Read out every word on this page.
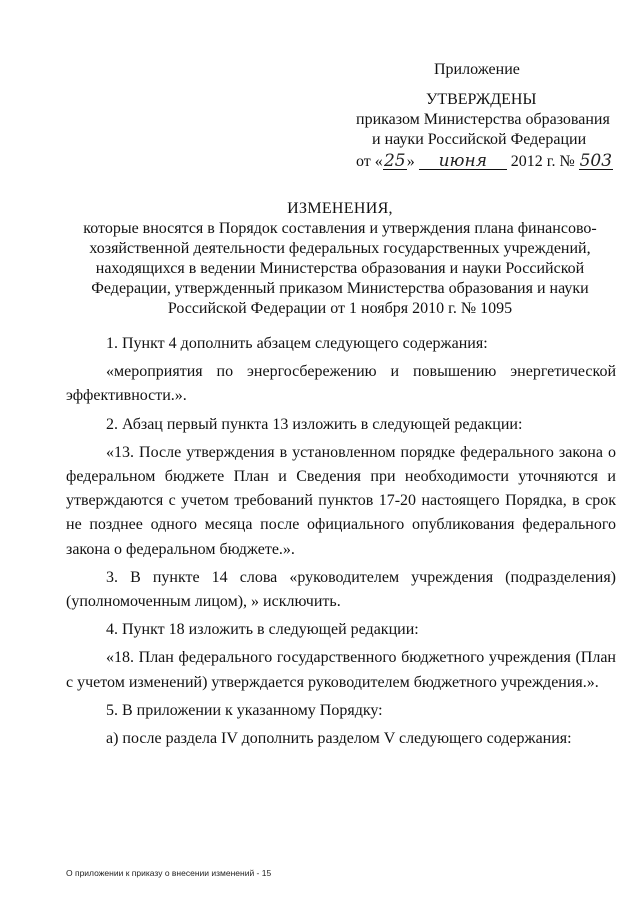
Приложение
УТВЕРЖДЕНЫ
приказом Министерства образования
и науки Российской Федерации
от «25» июня 2012 г. № 503
ИЗМЕНЕНИЯ,
которые вносятся в Порядок составления и утверждения плана финансово-
хозяйственной деятельности федеральных государственных учреждений,
находящихся в ведении Министерства образования и науки Российской
Федерации, утвержденный приказом Министерства образования и науки
Российской Федерации от 1 ноября 2010 г. № 1095

1. Пункт 4 дополнить абзацем следующего содержания:

«мероприятия по энергосбережению и повышению энергетической эффективности.».

2. Абзац первый пункта 13 изложить в следующей редакции:

«13. После утверждения в установленном порядке федерального закона о федеральном бюджете План и Сведения при необходимости уточняются и утверждаются с учетом требований пунктов 17-20 настоящего Порядка, в срок не позднее одного месяца после официального опубликования федерального закона о федеральном бюджете.».

3. В пункте 14 слова «руководителем учреждения (подразделения) (уполномоченным лицом), » исключить.

4. Пункт 18 изложить в следующей редакции:

«18. План федерального государственного бюджетного учреждения (План с учетом изменений) утверждается руководителем бюджетного учреждения.».

5. В приложении к указанному Порядку:

а) после раздела IV дополнить разделом V следующего содержания:

О приложении к приказу о внесении изменений - 15
